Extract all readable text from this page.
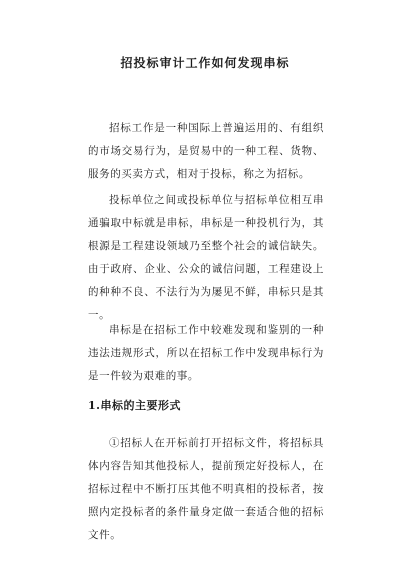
招投标审计工作如何发现串标

招标工作是一种国际上普遍运用的、有组织的市场交易行为，是贸易中的一种工程、货物、服务的买卖方式，相对于投标，称之为招标。

投标单位之间或投标单位与招标单位相互串通骗取中标就是串标，串标是一种投机行为，其根源是工程建设领域乃至整个社会的诚信缺失。由于政府、企业、公众的诚信问题，工程建设上的种种不良、不法行为为屡见不鲜，串标只是其一。

串标是在招标工作中较难发现和鉴别的一种违法违规形式，所以在招标工作中发现串标行为是一件较为艰难的事。

1.串标的主要形式

①招标人在开标前打开招标文件，将招标具体内容告知其他投标人，提前预定好投标人，在招标过程中不断打压其他不明真相的投标者，按照内定投标者的条件量身定做一套适合他的招标文件。
